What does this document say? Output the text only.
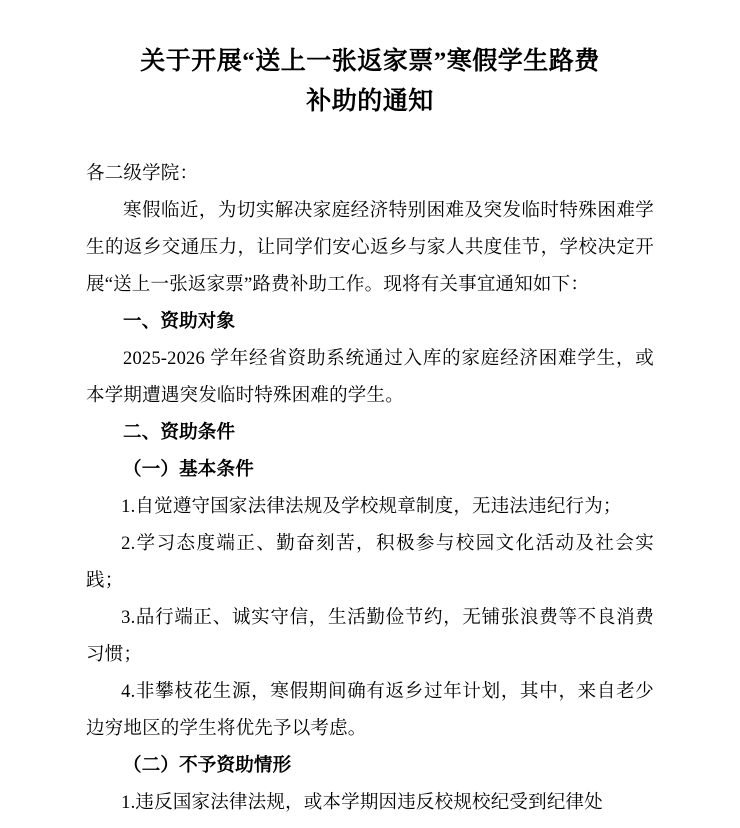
关于开展“送上一张返家票”寒假学生路费
补助的通知

各二级学院：

寒假临近，为切实解决家庭经济特别困难及突发临时特殊困难学生的返乡交通压力，让同学们安心返乡与家人共度佳节，学校决定开展“送上一张返家票”路费补助工作。现将有关事宜通知如下：

一、资助对象

2025-2026 学年经省资助系统通过入库的家庭经济困难学生，或本学期遭遇突发临时特殊困难的学生。

二、资助条件

（一）基本条件

1.自觉遵守国家法律法规及学校规章制度，无违法违纪行为；

2.学习态度端正、勤奋刻苦，积极参与校园文化活动及社会实践；

3.品行端正、诚实守信，生活勤俭节约，无铺张浪费等不良消费习惯；

4.非攀枝花生源，寒假期间确有返乡过年计划，其中，来自老少边穷地区的学生将优先予以考虑。

（二）不予资助情形

1.违反国家法律法规，或本学期因违反校规校纪受到纪律处
